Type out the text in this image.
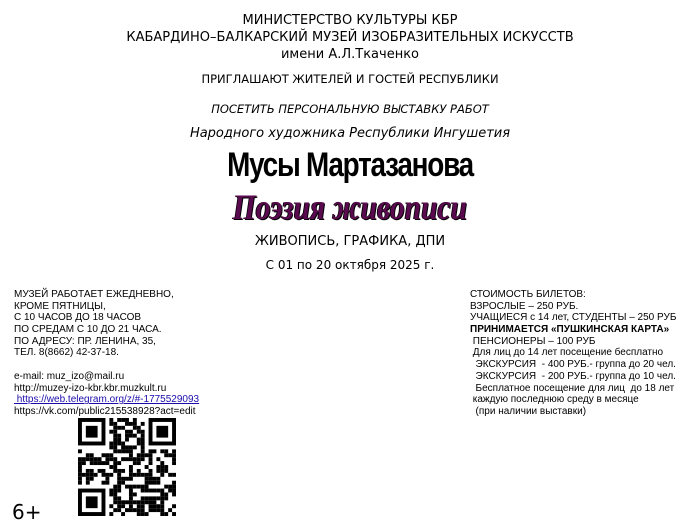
МИНИСТЕРСТВО КУЛЬТУРЫ КБР
КАБАРДИНО–БАЛКАРСКИЙ МУЗЕЙ ИЗОБРАЗИТЕЛЬНЫХ ИСКУССТВ
имени А.Л.Ткаченко
ПРИГЛАШАЮТ ЖИТЕЛЕЙ И ГОСТЕЙ РЕСПУБЛИКИ
ПОСЕТИТЬ ПЕРСОНАЛЬНУЮ ВЫСТАВКУ РАБОТ
Народного художника Республики Ингушетия
Мусы Мартазанова
Поэзия живописи
ЖИВОПИСЬ, ГРАФИКА, ДПИ
С 01 по 20 октября 2025 г.
МУЗЕЙ РАБОТАЕТ ЕЖЕДНЕВНО,
КРОМЕ ПЯТНИЦЫ,
С 10 ЧАСОВ ДО 18 ЧАСОВ
ПО СРЕДАМ С 10 ДО 21 ЧАСА.
ПО АДРЕСУ: ПР. ЛЕНИНА, 35,
ТЕЛ. 8(8662) 42-37-18.
e-mail: muz_izo@mail.ru
http://muzey-izo-kbr.kbr.muzkult.ru
https://web.telegram.org/z/#-1775529093
https://vk.com/public215538928?act=edit
СТОИМОСТЬ БИЛЕТОВ:
ВЗРОСЛЫЕ – 250 РУБ.
УЧАЩИЕСЯ с 14 лет, СТУДЕНТЫ – 250 РУБ
ПРИНИМАЕТСЯ «ПУШКИНСКАЯ КАРТА»
ПЕНСИОНЕРЫ – 100 РУБ
Для лиц до 14 лет посещение бесплатно
ЭКСКУРСИЯ  - 400 РУБ.- группа до 20 чел.
ЭКСКУРСИЯ  - 200 РУБ.- группа до 10 чел.
Бесплатное посещение для лиц  до 18 лет
каждую последнюю среду в месяце
(при наличии выставки)
6+
